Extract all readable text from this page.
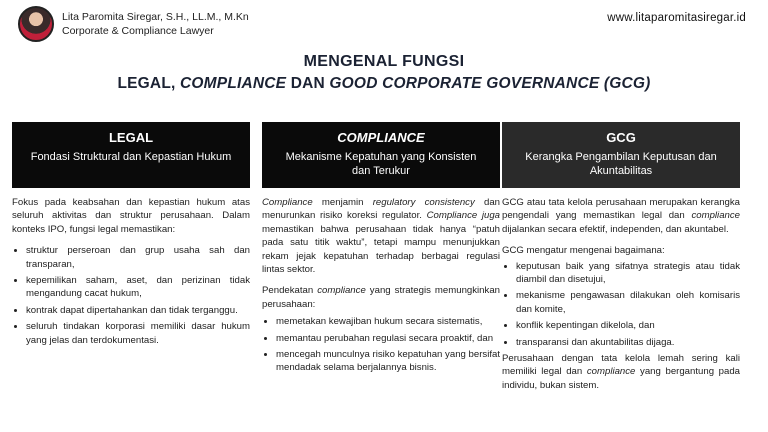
Lita Paromita Siregar, S.H., LL.M., M.Kn
Corporate & Compliance Lawyer
www.litaparomitasiregar.id
MENGENAL FUNGSI
LEGAL, COMPLIANCE DAN GOOD CORPORATE GOVERNANCE (GCG)
LEGAL
Fondasi Struktural dan Kepastian Hukum

Fokus pada keabsahan dan kepastian hukum atas seluruh aktivitas dan struktur perusahaan. Dalam konteks IPO, fungsi legal memastikan:

• struktur perseroan dan grup usaha sah dan transparan,
• kepemilikan saham, aset, dan perizinan tidak mengandung cacat hukum,
• kontrak dapat dipertahankan dan tidak terganggu.
• seluruh tindakan korporasi memiliki dasar hukum yang jelas dan terdokumentasi.
COMPLIANCE
Mekanisme Kepatuhan yang Konsisten dan Terukur

Compliance menjamin regulatory consistency dan menurunkan risiko koreksi regulator. Compliance juga memastikan bahwa perusahaan tidak hanya “patuh pada satu titik waktu”, tetapi mampu menunjukkan rekam jejak kepatuhan terhadap berbagai regulasi lintas sektor.

Pendekatan compliance yang strategis memungkinkan perusahaan:

• memetakan kewajiban hukum secara sistematis,
• memantau perubahan regulasi secara proaktif, dan
• mencegah munculnya risiko kepatuhan yang bersifat mendadak selama berjalannya bisnis.
GCG
Kerangka Pengambilan Keputusan dan Akuntabilitas

GCG atau tata kelola perusahaan merupakan kerangka pengendali yang memastikan legal dan compliance dijalankan secara efektif, independen, dan akuntabel.

GCG mengatur mengenai bagaimana:

• keputusan baik yang sifatnya strategis atau tidak diambil dan disetujui,
• mekanisme pengawasan dilakukan oleh komisaris dan komite,
• konflik kepentingan dikelola, dan
• transparansi dan akuntabilitas dijaga.

Perusahaan dengan tata kelola lemah sering kali memiliki legal dan compliance yang bergantung pada individu, bukan sistem.
